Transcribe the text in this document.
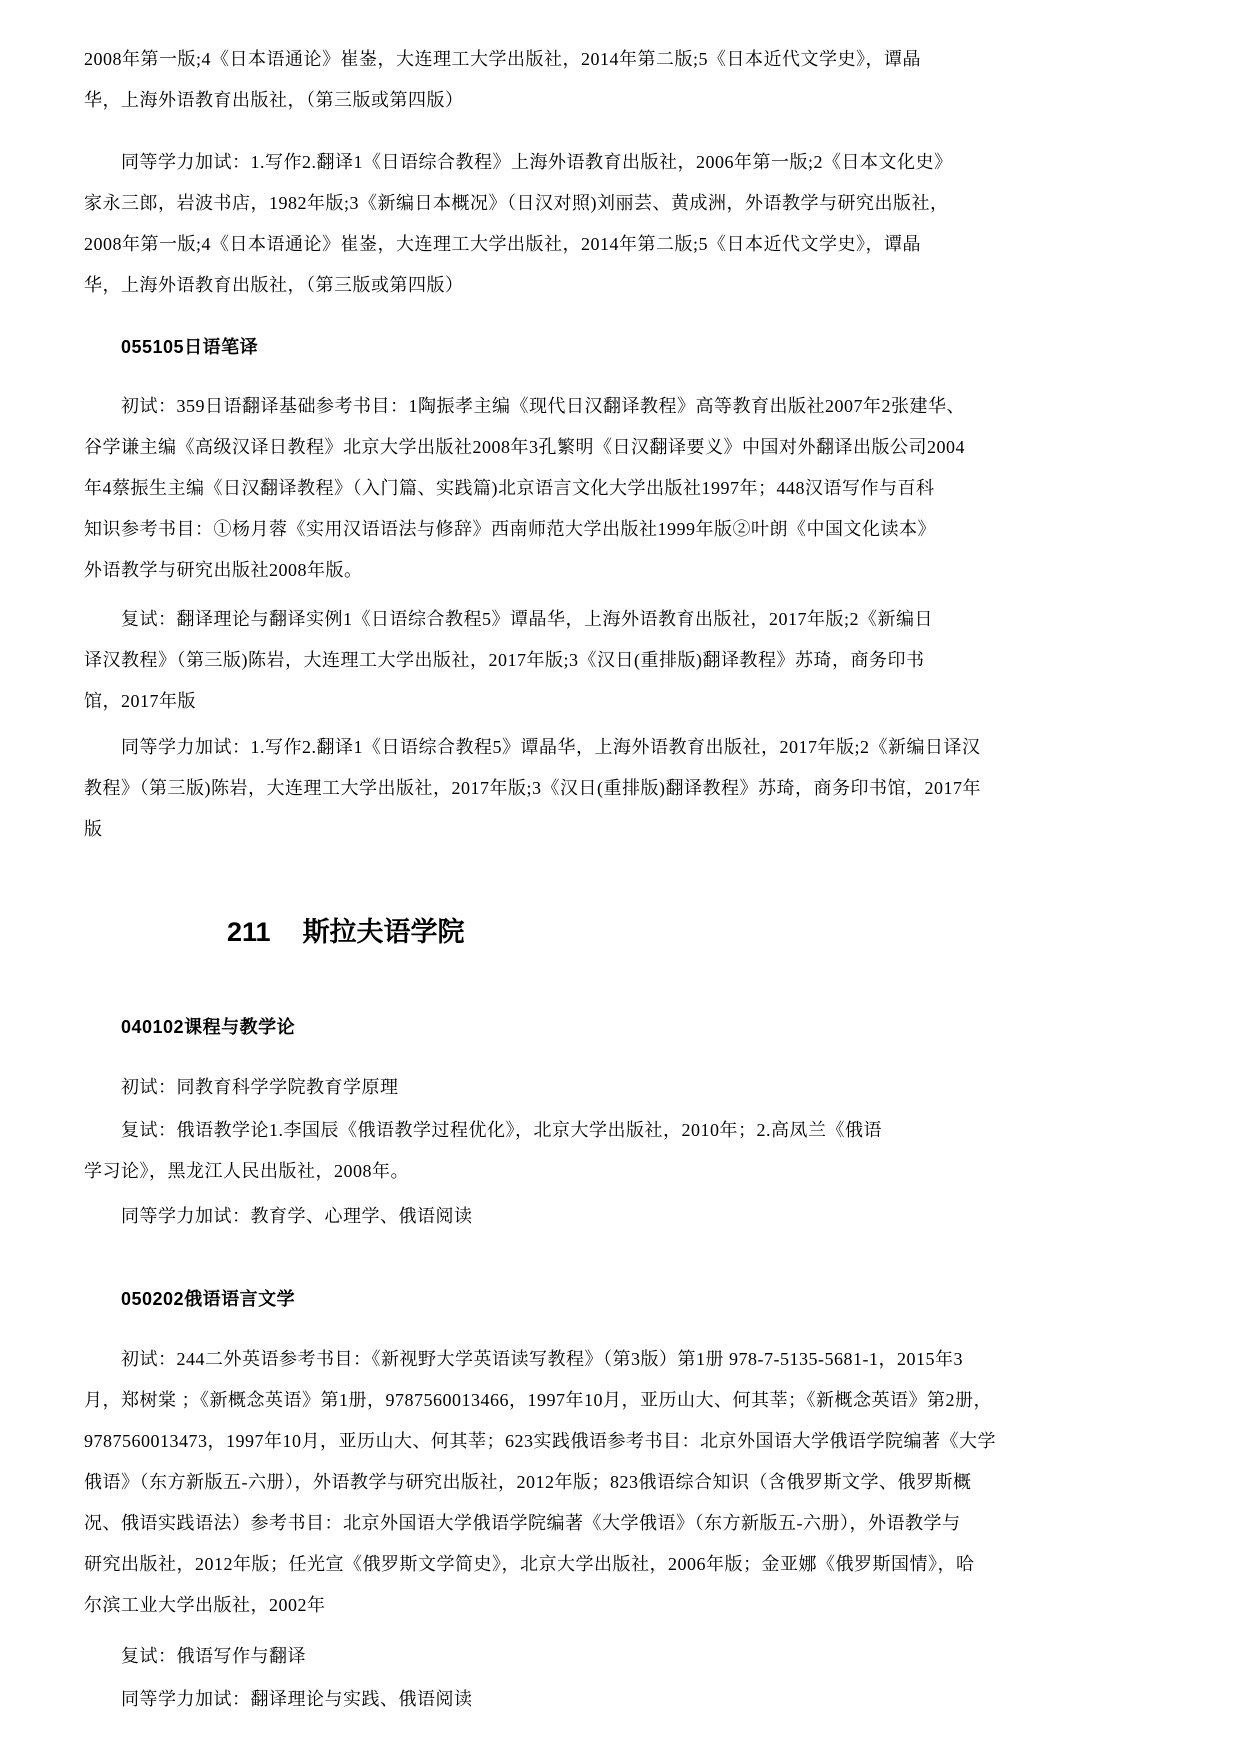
2008年第一版;4《日本语通论》崔崟，大连理工大学出版社，2014年第二版;5《日本近代文学史》，谭晶
华，上海外语教育出版社，（第三版或第四版）
同等学力加试：1.写作2.翻译1《日语综合教程》上海外语教育出版社，2006年第一版;2《日本文化史》
家永三郎，岩波书店，1982年版;3《新编日本概况》（日汉对照)刘丽芸、黄成洲，外语教学与研究出版社，
2008年第一版;4《日本语通论》崔崟，大连理工大学出版社，2014年第二版;5《日本近代文学史》，谭晶
华，上海外语教育出版社，（第三版或第四版）
055105日语笔译
初试：359日语翻译基础参考书目：1陶振孝主编《现代日汉翻译教程》高等教育出版社2007年2张建华、
谷学谦主编《高级汉译日教程》北京大学出版社2008年3孔繁明《日汉翻译要义》中国对外翻译出版公司2004
年4蔡振生主编《日汉翻译教程》（入门篇、实践篇)北京语言文化大学出版社1997年；448汉语写作与百科
知识参考书目：①杨月蓉《实用汉语语法与修辞》西南师范大学出版社1999年版②叶朗《中国文化读本》
外语教学与研究出版社2008年版。
复试：翻译理论与翻译实例1《日语综合教程5》谭晶华，上海外语教育出版社，2017年版;2《新编日
译汉教程》（第三版)陈岩，大连理工大学出版社，2017年版;3《汉日(重排版)翻译教程》苏琦，商务印书
馆，2017年版
同等学力加试：1.写作2.翻译1《日语综合教程5》谭晶华，上海外语教育出版社，2017年版;2《新编日译汉
教程》（第三版)陈岩，大连理工大学出版社，2017年版;3《汉日(重排版)翻译教程》苏琦，商务印书馆，2017年
版
211 斯拉夫语学院
040102课程与教学论
初试：同教育科学学院教育学原理
复试：俄语教学论1.李国辰《俄语教学过程优化》，北京大学出版社，2010年；2.高凤兰《俄语
学习论》，黑龙江人民出版社，2008年。
同等学力加试：教育学、心理学、俄语阅读
050202俄语语言文学
初试：244二外英语参考书目：《新视野大学英语读写教程》（第3版）第1册 978-7-5135-5681-1，2015年3
月，郑树棠 ；《新概念英语》第1册，9787560013466，1997年10月，亚历山大、何其莘；《新概念英语》第2册，
9787560013473，1997年10月，亚历山大、何其莘；623实践俄语参考书目：北京外国语大学俄语学院编著《大学
俄语》（东方新版五-六册），外语教学与研究出版社，2012年版；823俄语综合知识（含俄罗斯文学、俄罗斯概
况、俄语实践语法）参考书目：北京外国语大学俄语学院编著《大学俄语》（东方新版五-六册），外语教学与
研究出版社，2012年版；任光宣《俄罗斯文学简史》，北京大学出版社，2006年版；金亚娜《俄罗斯国情》，哈
尔滨工业大学出版社，2002年
复试：俄语写作与翻译
同等学力加试：翻译理论与实践、俄语阅读
